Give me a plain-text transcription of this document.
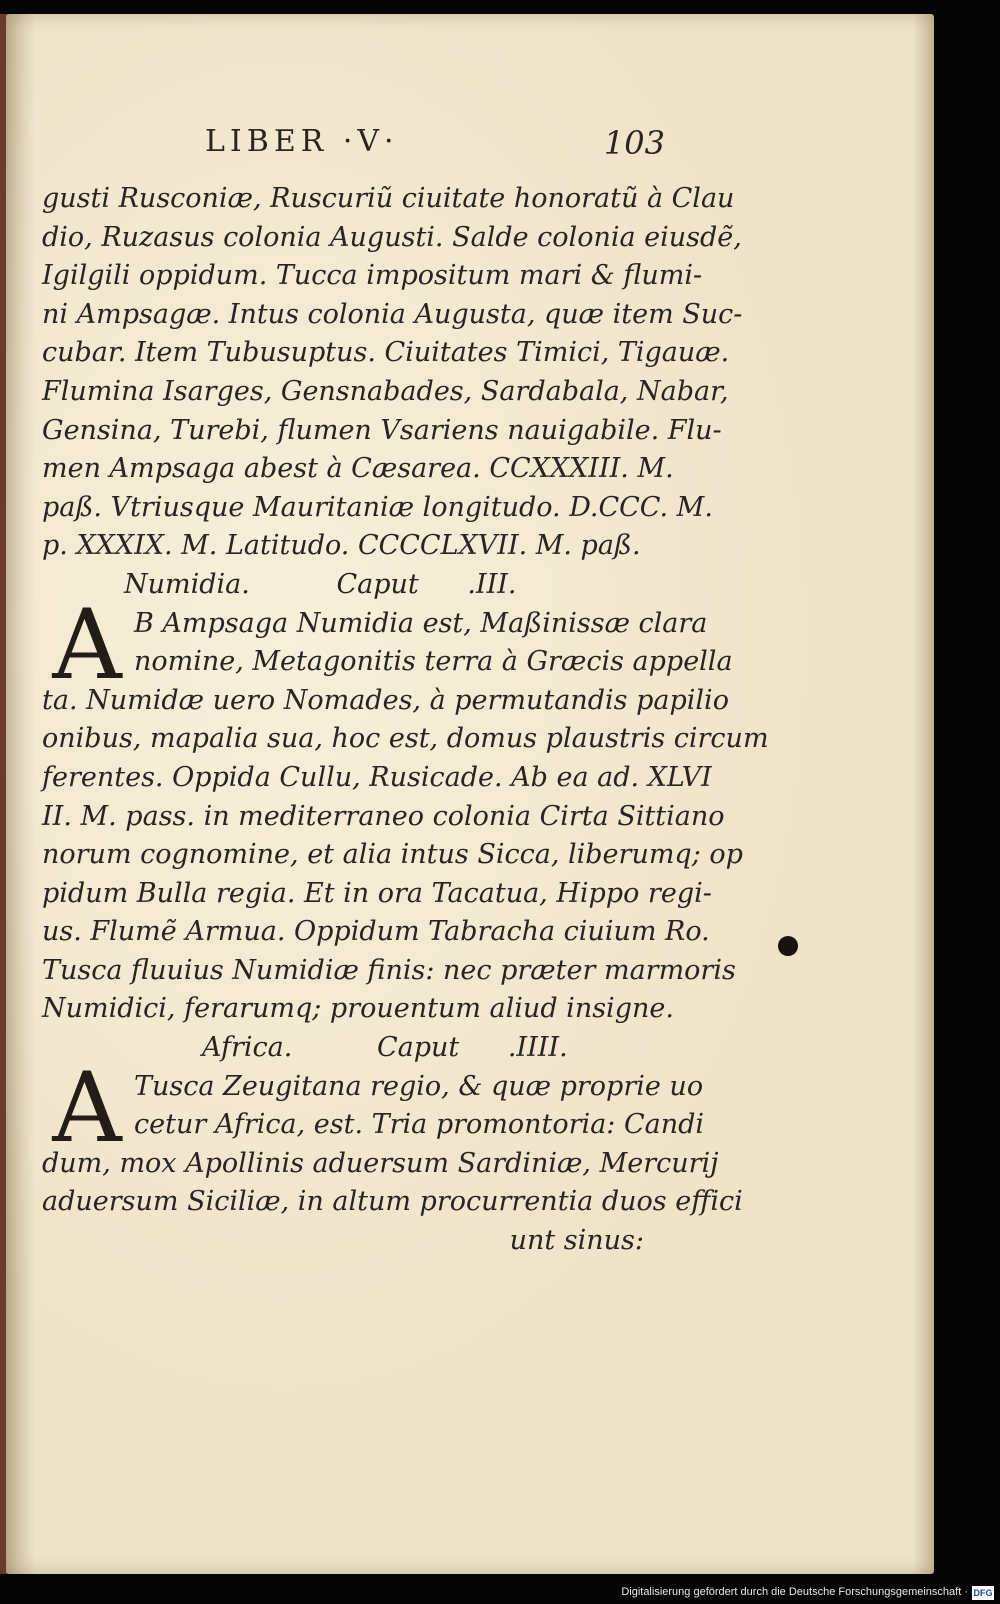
LIBER ·V·	103
gusti Rusconiæ, Ruscuriũ ciuitate honoratũ à Clau
dio, Ruzasus colonia Augusti. Salde colonia eiusdẽ,
Igilgili oppidum. Tucca impositum mari & flumi-
ni Ampsagæ. Intus colonia Augusta, quæ item Suc-
cubar. Item Tubusuptus. Ciuitates Timici, Tigauæ.
Flumina Isarges, Gensnabades, Sardabala, Nabar,
Gensina, Turebi, flumen Vsariens nauigabile. Flu-
men Ampsaga abest à Cæsarea. CCXXXIII. M.
paß. Vtriusque Mauritaniæ longitudo. D.CCC. M.
p. XXXIX. M. Latitudo. CCCCLXVII. M. paß.
Numidia.	Caput .III.
A B Ampsaga Numidia est, Maßinissæ clara
nomine, Metagonitis terra à Græcis appella
ta. Numidæ uero Nomades, à permutandis papilio
onibus, mapalia sua, hoc est, domus plaustris circum
ferentes. Oppida Cullu, Rusicade. Ab ea ad. XLVI
II. M. pass. in mediterraneo colonia Cirta Sittiano
norum cognomine, et alia intus Sicca, liberumq; op
pidum Bulla regia. Et in ora Tacatua, Hippo regi-
us. Flumẽ Armua. Oppidum Tabracha ciuium Ro.
Tusca fluuius Numidiæ finis: nec præter marmoris
Numidici, ferarumq; prouentum aliud insigne.
Africa.	Caput .IIII.
A Tusca Zeugitana regio, & quæ proprie uo
cetur Africa, est. Tria promontoria: Candi
dum, mox Apollinis aduersum Sardiniæ, Mercurij
aduersum Siciliæ, in altum procurrentia duos effici
unt sinus:
Digitalisierung gefördert durch die Deutsche Forschungsgemeinschaft · DFG
